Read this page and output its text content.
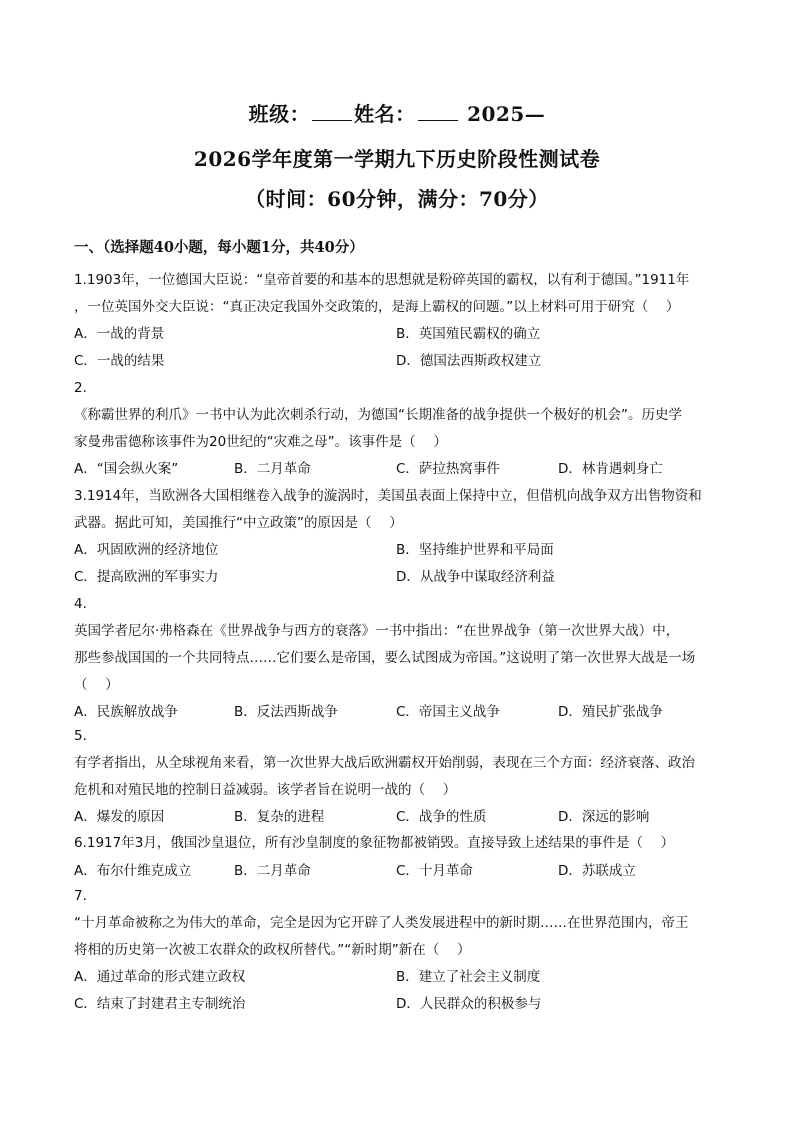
班级： 姓名：	2025—
2026学年度第一学期九下历史阶段性测试卷
（时间：60分钟，满分：70分）
一、（选择题40小题，每小题1分，共40分）
1.1903年，一位德国大臣说：“皇帝首要的和基本的思想就是粉碎英国的霸权，以有利于德国。”1911年
，一位英国外交大臣说：“真正决定我国外交政策的，是海上霸权的问题。”以上材料可用于研究（　 ）
A．一战的背景	B．英国殖民霸权的确立
C．一战的结果	D．德国法西斯政权建立
2.
《称霸世界的利爪》一书中认为此次刺杀行动，为德国“长期准备的战争提供一个极好的机会”。历史学
家曼弗雷德称该事件为20世纪的“灾难之母”。该事件是（　 ）
A．“国会纵火案”	B．二月革命	C．萨拉热窝事件	D．林肯遇刺身亡
3.1914年，当欧洲各大国相继卷入战争的漩涡时，美国虽表面上保持中立，但借机向战争双方出售物资和
武器。据此可知，美国推行“中立政策”的原因是（　 ）
A．巩固欧洲的经济地位	B．坚持维护世界和平局面
C．提高欧洲的军事实力	D．从战争中谋取经济利益
4.
英国学者尼尔·弗格森在《世界战争与西方的衰落》一书中指出：“在世界战争（第一次世界大战）中，
那些参战国国的一个共同特点……它们要么是帝国，要么试图成为帝国。”这说明了第一次世界大战是一场
（　 ）
A．民族解放战争	B．反法西斯战争	C．帝国主义战争	D．殖民扩张战争
5.
有学者指出，从全球视角来看，第一次世界大战后欧洲霸权开始削弱，表现在三个方面：经济衰落、政治
危机和对殖民地的控制日益减弱。该学者旨在说明一战的（　 ）
A．爆发的原因	B．复杂的进程	C．战争的性质	D．深远的影响
6.1917年3月，俄国沙皇退位，所有沙皇制度的象征物都被销毁。直接导致上述结果的事件是（　 ）
A．布尔什维克成立	B．二月革命	C．十月革命	D．苏联成立
7.
“十月革命被称之为伟大的革命，完全是因为它开辟了人类发展进程中的新时期……在世界范围内，帝王
将相的历史第一次被工农群众的政权所替代。”“新时期”新在（　 ）
A．通过革命的形式建立政权	B．建立了社会主义制度
C．结束了封建君主专制统治	D．人民群众的积极参与
